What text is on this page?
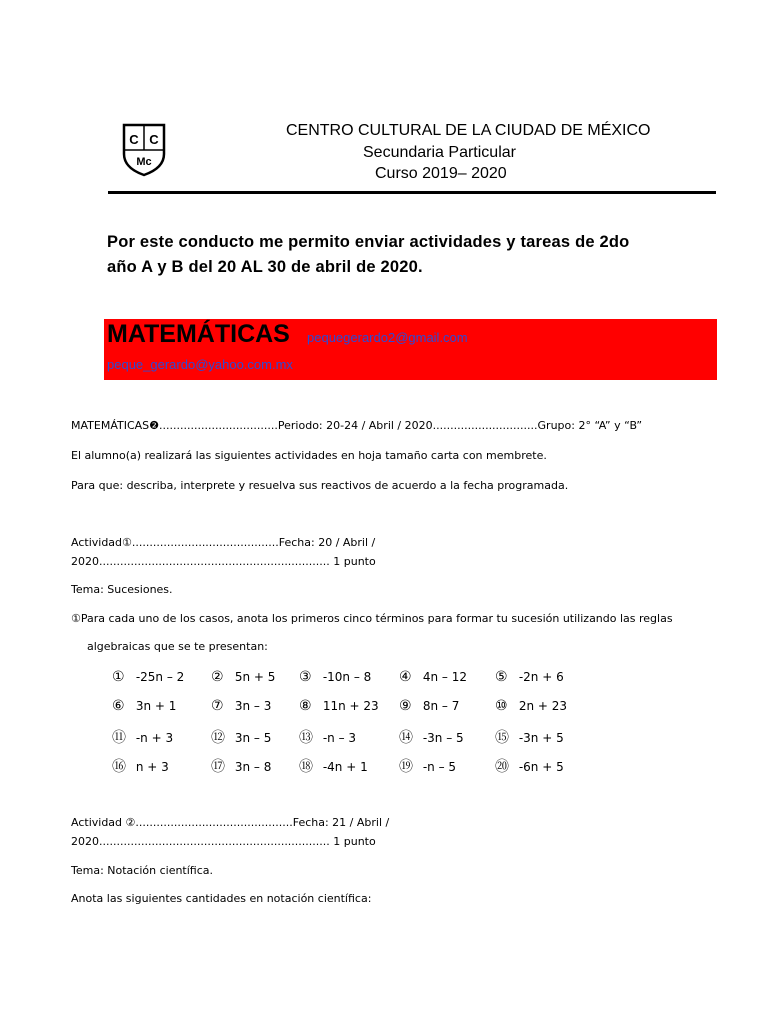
C C
Mc
CENTRO CULTURAL DE LA CIUDAD DE MÉXICO
Secundaria Particular
Curso 2019– 2020
Por este conducto me permito enviar actividades y tareas de 2do
año A y B del 20 AL 30 de abril de 2020.
MATEMÁTICAS pequegerardo2@gmail.com
peque_gerardo@yahoo.com.mx
MATEMÁTICAS❷..................................Periodo: 20-24 / Abril / 2020..............................Grupo: 2° “A” y “B”
El alumno(a) realizará las siguientes actividades en hoja tamaño carta con membrete.
Para que: describa, interprete y resuelva sus reactivos de acuerdo a la fecha programada.
Actividad①..........................................Fecha: 20 / Abril /
2020.................................................................. 1 punto
Tema: Sucesiones.
①Para cada uno de los casos, anota los primeros cinco términos para formar tu sucesión utilizando las reglas
algebraicas que se te presentan:
① -25n – 2 ② 5n + 5 ③ -10n – 8 ④ 4n – 12 ⑤ -2n + 6
⑥ 3n + 1 ⑦ 3n – 3 ⑧ 11n + 23 ⑨ 8n – 7	⑩ 2n + 23
⑪ -n + 3	⑫ 3n – 5 ⑬ -n – 3	⑭ -3n – 5 ⑮ -3n + 5
⑯ n + 3	⑰ 3n – 8 ⑱ -4n + 1 ⑲ -n – 5	⑳ -6n + 5
Actividad ②.............................................Fecha: 21 / Abril /
2020.................................................................. 1 punto
Tema: Notación científica.
Anota las siguientes cantidades en notación científica:
